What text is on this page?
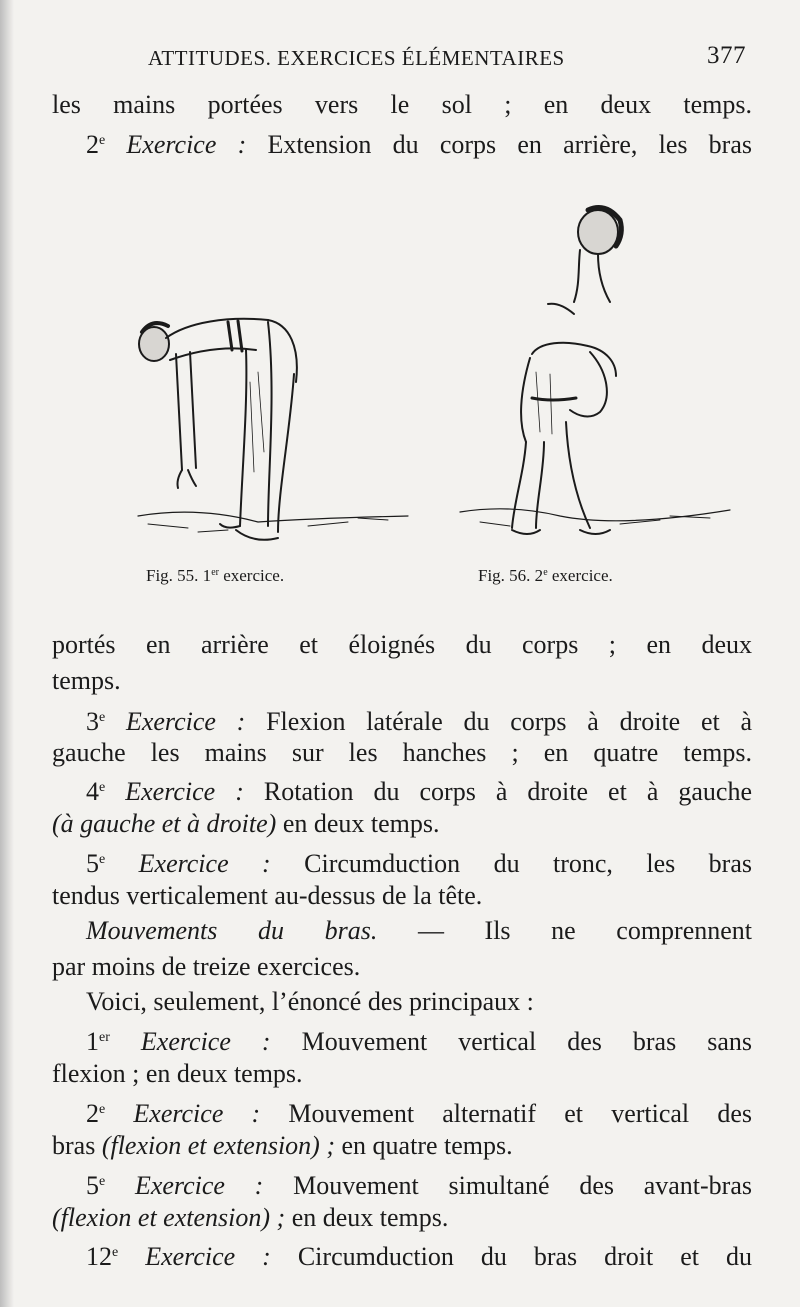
ATTITUDES. EXERCICES ÉLÉMENTAIRES	377
les mains portées vers le sol ; en deux temps.
2e Exercice : Extension du corps en arrière, les bras
Fig. 55. 1er exercice.	Fig. 56. 2e exercice.
portés en arrière et éloignés du corps ; en deux
temps.
3e Exercice : Flexion latérale du corps à droite et à
gauche les mains sur les hanches ; en quatre temps.
4e Exercice : Rotation du corps à droite et à gauche
(à gauche et à droite) en deux temps.
5e Exercice : Circumduction du tronc, les bras
tendus verticalement au-dessus de la tête.
Mouvements du bras. — Ils ne comprennent
par moins de treize exercices.
Voici, seulement, l’énoncé des principaux :
1er Exercice : Mouvement vertical des bras sans
flexion ; en deux temps.
2e Exercice : Mouvement alternatif et vertical des
bras (flexion et extension) ; en quatre temps.
5e Exercice : Mouvement simultané des avant-bras
(flexion et extension) ; en deux temps.
12e Exercice : Circumduction du bras droit et du
